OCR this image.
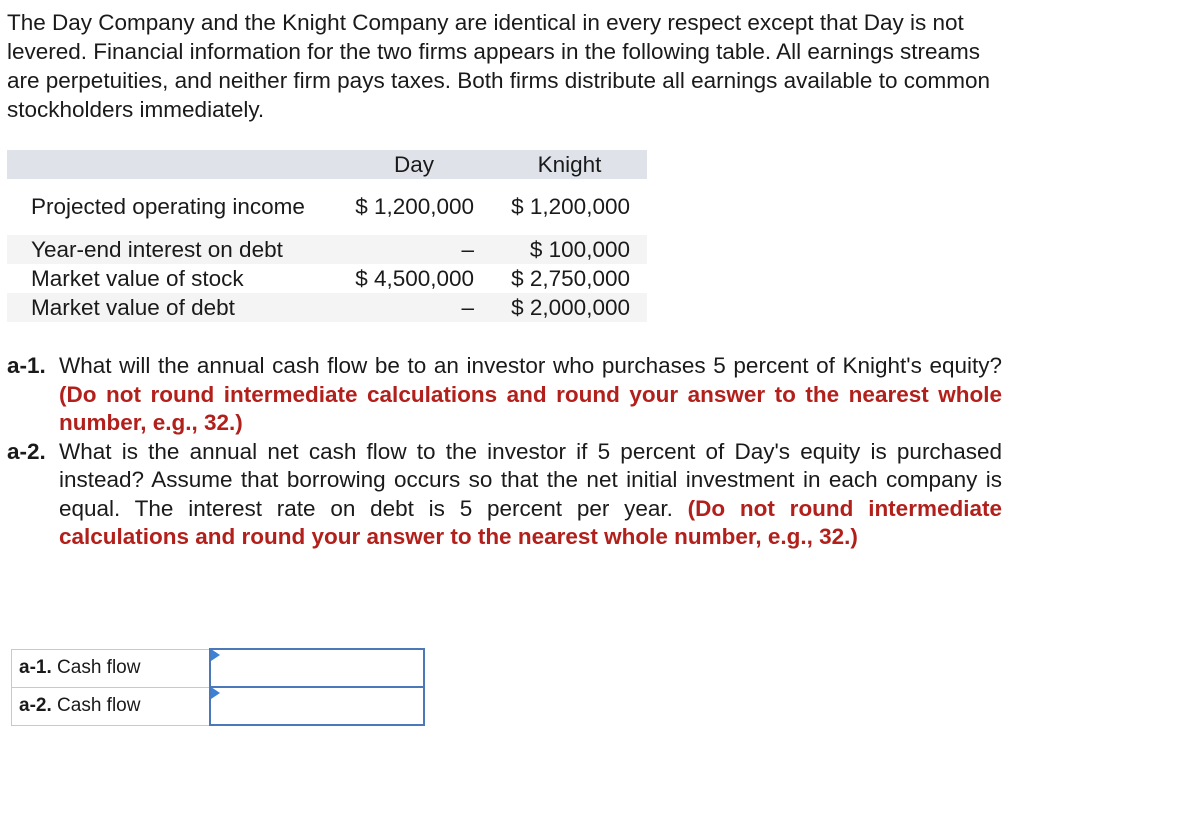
The Day Company and the Knight Company are identical in every respect except that Day is not levered. Financial information for the two firms appears in the following table. All earnings streams are perpetuities, and neither firm pays taxes. Both firms distribute all earnings available to common stockholders immediately.

	Day	Knight
Projected operating income	$ 1,200,000	$ 1,200,000
Year-end interest on debt	–	$ 100,000
Market value of stock	$ 4,500,000	$ 2,750,000
Market value of debt	–	$ 2,000,000
a-1. What will the annual cash flow be to an investor who purchases 5 percent of Knight's equity? (Do not round intermediate calculations and round your answer to the nearest whole number, e.g., 32.)
a-2. What is the annual net cash flow to the investor if 5 percent of Day's equity is purchased instead? Assume that borrowing occurs so that the net initial investment in each company is equal. The interest rate on debt is 5 percent per year. (Do not round intermediate calculations and round your answer to the nearest whole number, e.g., 32.)
a-1. Cash flow	

a-2. Cash flow	
